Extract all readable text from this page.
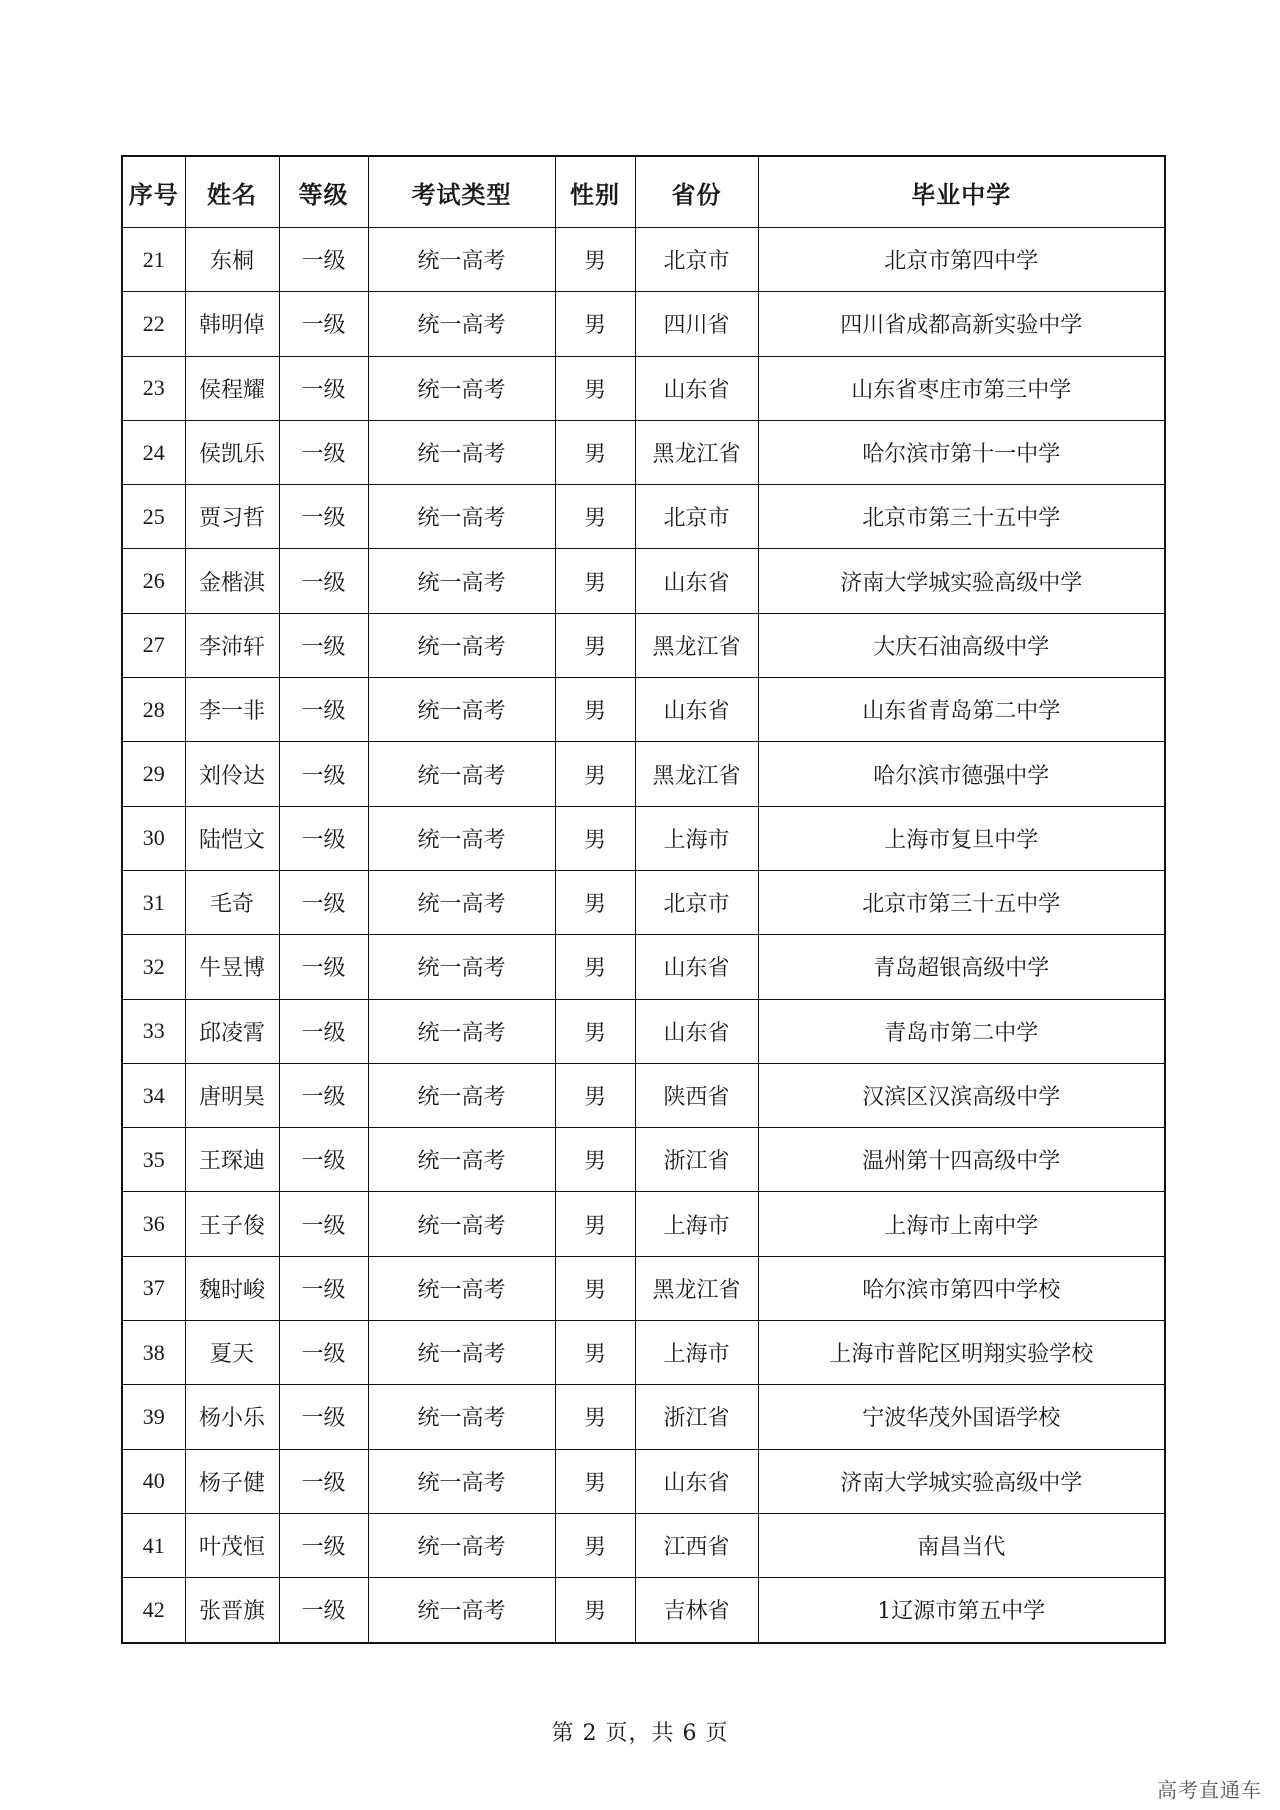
序号	姓名	等级	考试类型	性别	省份	毕业中学
21	东桐	一级	统一高考	男	北京市	北京市第四中学
22	韩明倬	一级	统一高考	男	四川省	四川省成都高新实验中学
23	侯程耀	一级	统一高考	男	山东省	山东省枣庄市第三中学
24	侯凯乐	一级	统一高考	男	黑龙江省	哈尔滨市第十一中学
25	贾习哲	一级	统一高考	男	北京市	北京市第三十五中学
26	金楷淇	一级	统一高考	男	山东省	济南大学城实验高级中学
27	李沛轩	一级	统一高考	男	黑龙江省	大庆石油高级中学
28	李一非	一级	统一高考	男	山东省	山东省青岛第二中学
29	刘伶达	一级	统一高考	男	黑龙江省	哈尔滨市德强中学
30	陆恺文	一级	统一高考	男	上海市	上海市复旦中学
31	毛奇	一级	统一高考	男	北京市	北京市第三十五中学
32	牛昱博	一级	统一高考	男	山东省	青岛超银高级中学
33	邱凌霄	一级	统一高考	男	山东省	青岛市第二中学
34	唐明昊	一级	统一高考	男	陕西省	汉滨区汉滨高级中学
35	王琛迪	一级	统一高考	男	浙江省	温州第十四高级中学
36	王子俊	一级	统一高考	男	上海市	上海市上南中学
37	魏时峻	一级	统一高考	男	黑龙江省	哈尔滨市第四中学校
38	夏天	一级	统一高考	男	上海市	上海市普陀区明翔实验学校
39	杨小乐	一级	统一高考	男	浙江省	宁波华茂外国语学校
40	杨子健	一级	统一高考	男	山东省	济南大学城实验高级中学
41	叶茂恒	一级	统一高考	男	江西省	南昌当代
42	张晋旗	一级	统一高考	男	吉林省	1辽源市第五中学
第 2 页，共 6 页
高考直通车
